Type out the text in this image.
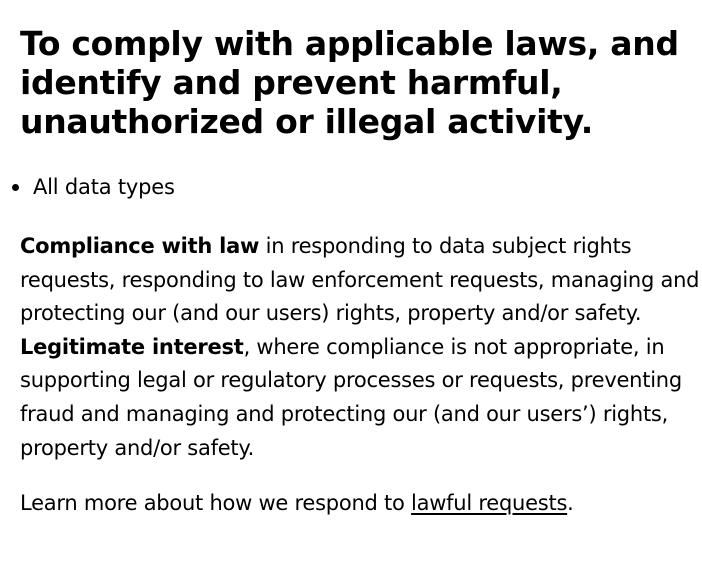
To comply with applicable laws, and identify and prevent harmful, unauthorized or illegal activity.
All data types

Compliance with law in responding to data subject rights requests, responding to law enforcement requests, managing and protecting our (and our users) rights, property and/or safety. Legitimate interest, where compliance is not appropriate, in supporting legal or regulatory processes or requests, preventing fraud and managing and protecting our (and our users’) rights, property and/or safety.

Learn more about how we respond to lawful requests.
